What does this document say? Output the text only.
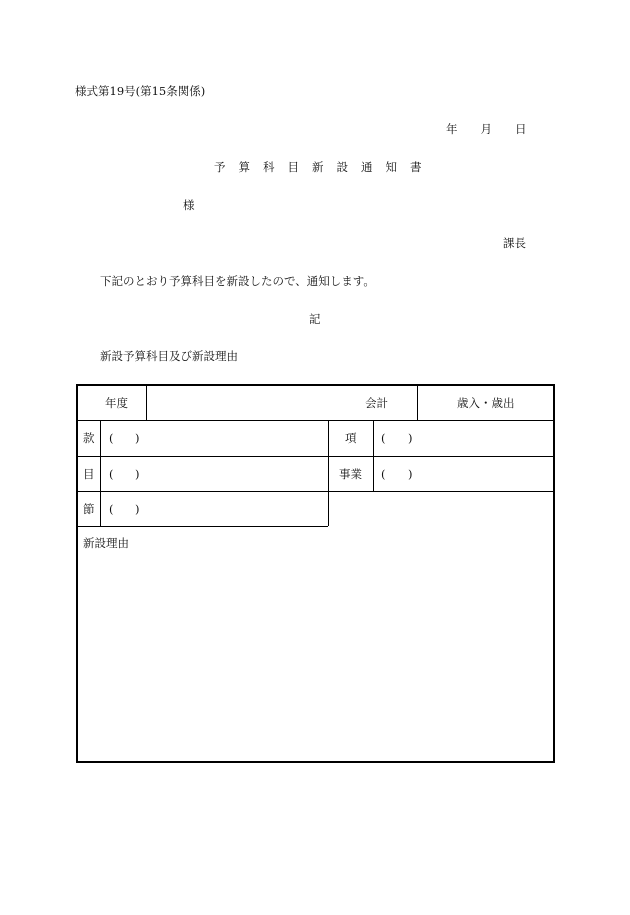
様式第19号(第15条関係)
年　　月　　日
予算科目新設通知書
様
課長
下記のとおり予算科目を新設したので、通知します。
記
新設予算科目及び新設理由
年度	会計	歳入・歳出
款 ( )	項 ( )
目 ( )	事業 ( )
節 ( )
新設理由
